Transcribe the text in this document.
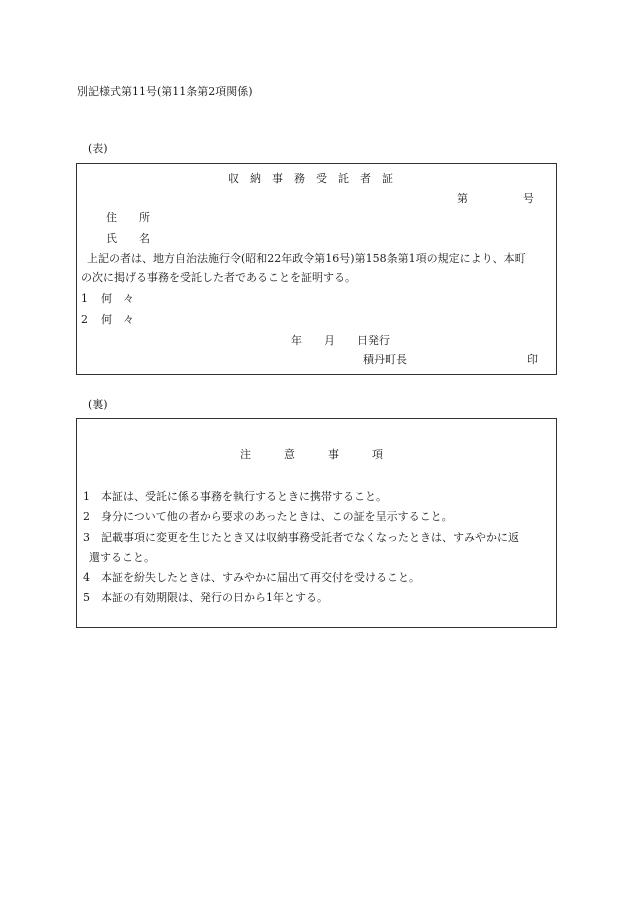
別記様式第11号(第11条第2項関係)
(表)
収　納　事　務　受　託　者　証
第　　　　　号
住　　所
氏　　名
上記の者は、地方自治法施行令(昭和22年政令第16号)第158条第1項の規定により、本町
の次に掲げる事務を受託した者であることを証明する。
1 何　々
2 何　々
年　　月　　日発行
積丹町長	印
(裏)
注　　　意　　　事　　　項
1 本証は、受託に係る事務を執行するときに携帯すること。
2 身分について他の者から要求のあったときは、この証を呈示すること。
3 記載事項に変更を生じたとき又は収納事務受託者でなくなったときは、すみやかに返
還すること。
4 本証を紛失したときは、すみやかに届出て再交付を受けること。
5 本証の有効期限は、発行の日から1年とする。
